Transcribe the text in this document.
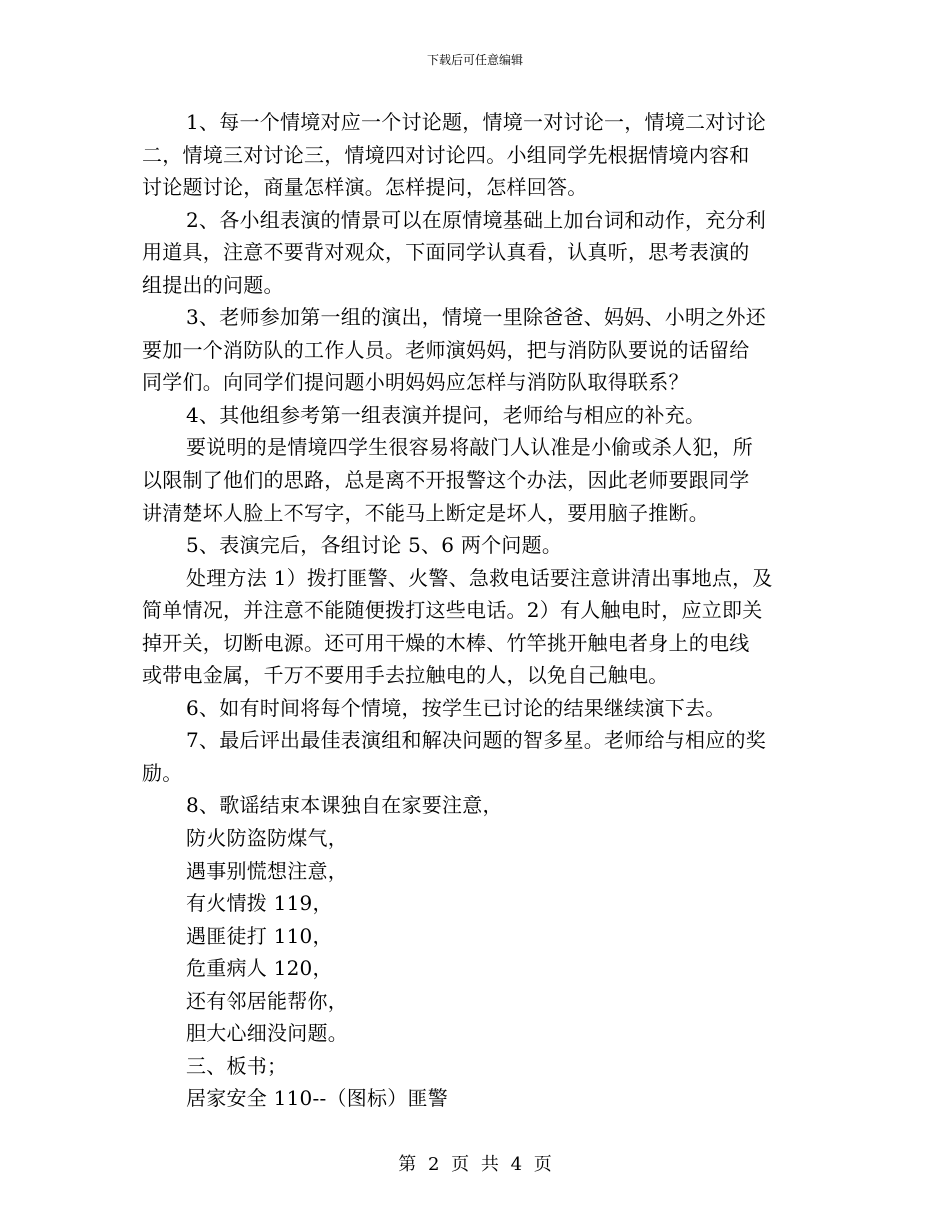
下载后可任意编辑
1、每一个情境对应一个讨论题，情境一对讨论一，情境二对讨论
二，情境三对讨论三，情境四对讨论四。小组同学先根据情境内容和
讨论题讨论，商量怎样演。怎样提问，怎样回答。
2、各小组表演的情景可以在原情境基础上加台词和动作，充分利
用道具，注意不要背对观众，下面同学认真看，认真听，思考表演的
组提出的问题。
3、老师参加第一组的演出，情境一里除爸爸、妈妈、小明之外还
要加一个消防队的工作人员。老师演妈妈，把与消防队要说的话留给
同学们。向同学们提问题小明妈妈应怎样与消防队取得联系？
4、其他组参考第一组表演并提问，老师给与相应的补充。
要说明的是情境四学生很容易将敲门人认准是小偷或杀人犯，所
以限制了他们的思路，总是离不开报警这个办法，因此老师要跟同学
讲清楚坏人脸上不写字，不能马上断定是坏人，要用脑子推断。
5、表演完后，各组讨论 5、6 两个问题。
处理方法 1）拨打匪警、火警、急救电话要注意讲清出事地点，及
简单情况，并注意不能随便拨打这些电话。2）有人触电时，应立即关
掉开关，切断电源。还可用干燥的木棒、竹竿挑开触电者身上的电线
或带电金属，千万不要用手去拉触电的人，以免自己触电。
6、如有时间将每个情境，按学生已讨论的结果继续演下去。
7、最后评出最佳表演组和解决问题的智多星。老师给与相应的奖
励。
8、歌谣结束本课独自在家要注意，
防火防盗防煤气，
遇事别慌想注意，
有火情拨 119，
遇匪徒打 110，
危重病人 120，
还有邻居能帮你，
胆大心细没问题。
三、板书；
居家安全 110--（图标）匪警
第 2 页 共 4 页
